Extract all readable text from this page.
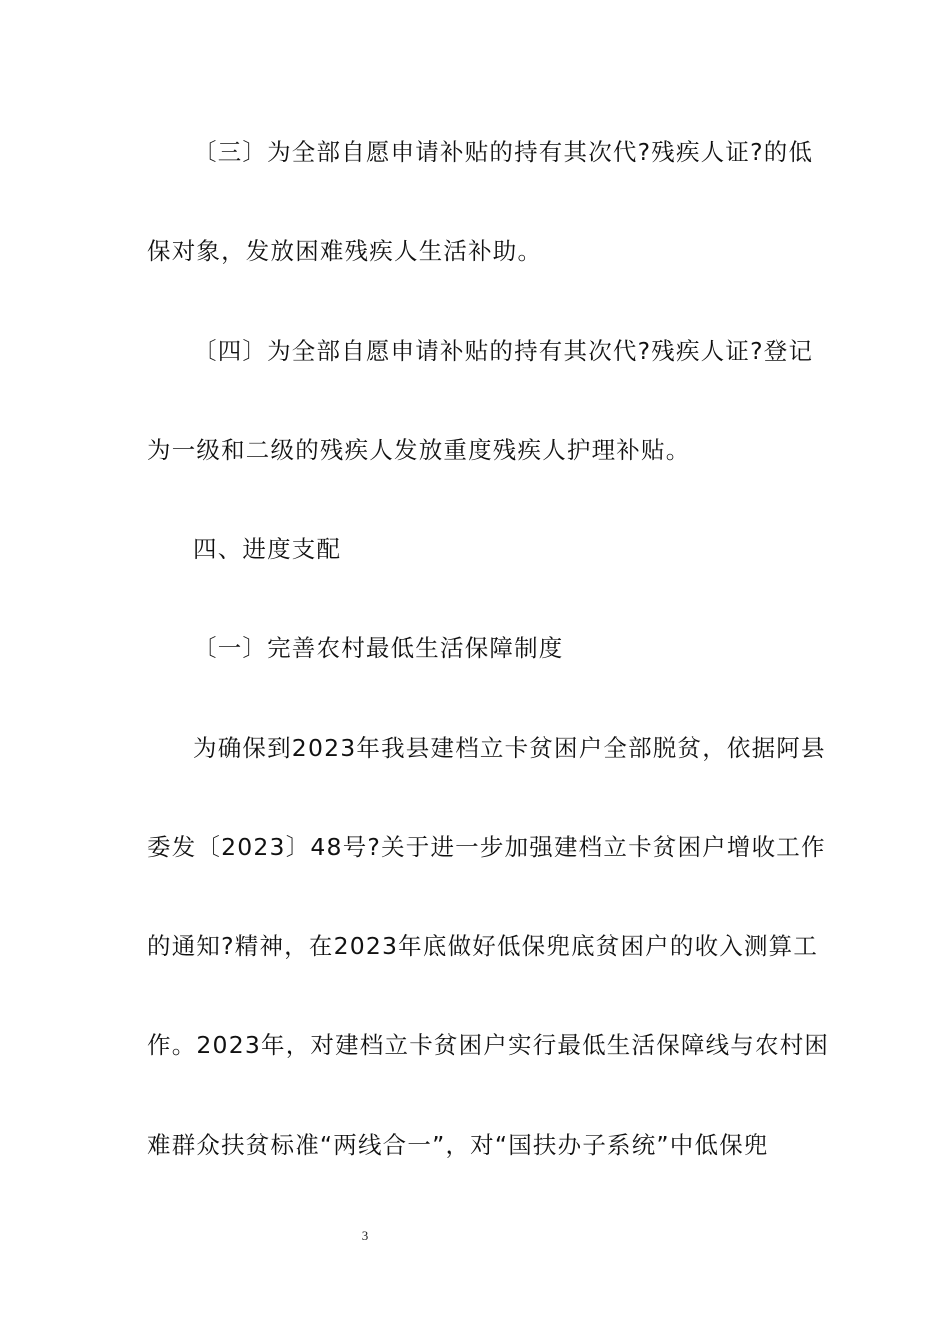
〔三〕为全部自愿申请补贴的持有其次代?残疾人证?的低
保对象，发放困难残疾人生活补助。
〔四〕为全部自愿申请补贴的持有其次代?残疾人证?登记
为一级和二级的残疾人发放重度残疾人护理补贴。
四、进度支配
〔一〕完善农村最低生活保障制度
为确保到2023年我县建档立卡贫困户全部脱贫，依据阿县
委发〔2023〕48号?关于进一步加强建档立卡贫困户增收工作
的通知?精神，在2023年底做好低保兜底贫困户的收入测算工
作。2023年，对建档立卡贫困户实行最低生活保障线与农村困
难群众扶贫标准“两线合一”，对“国扶办子系统”中低保兜
3
